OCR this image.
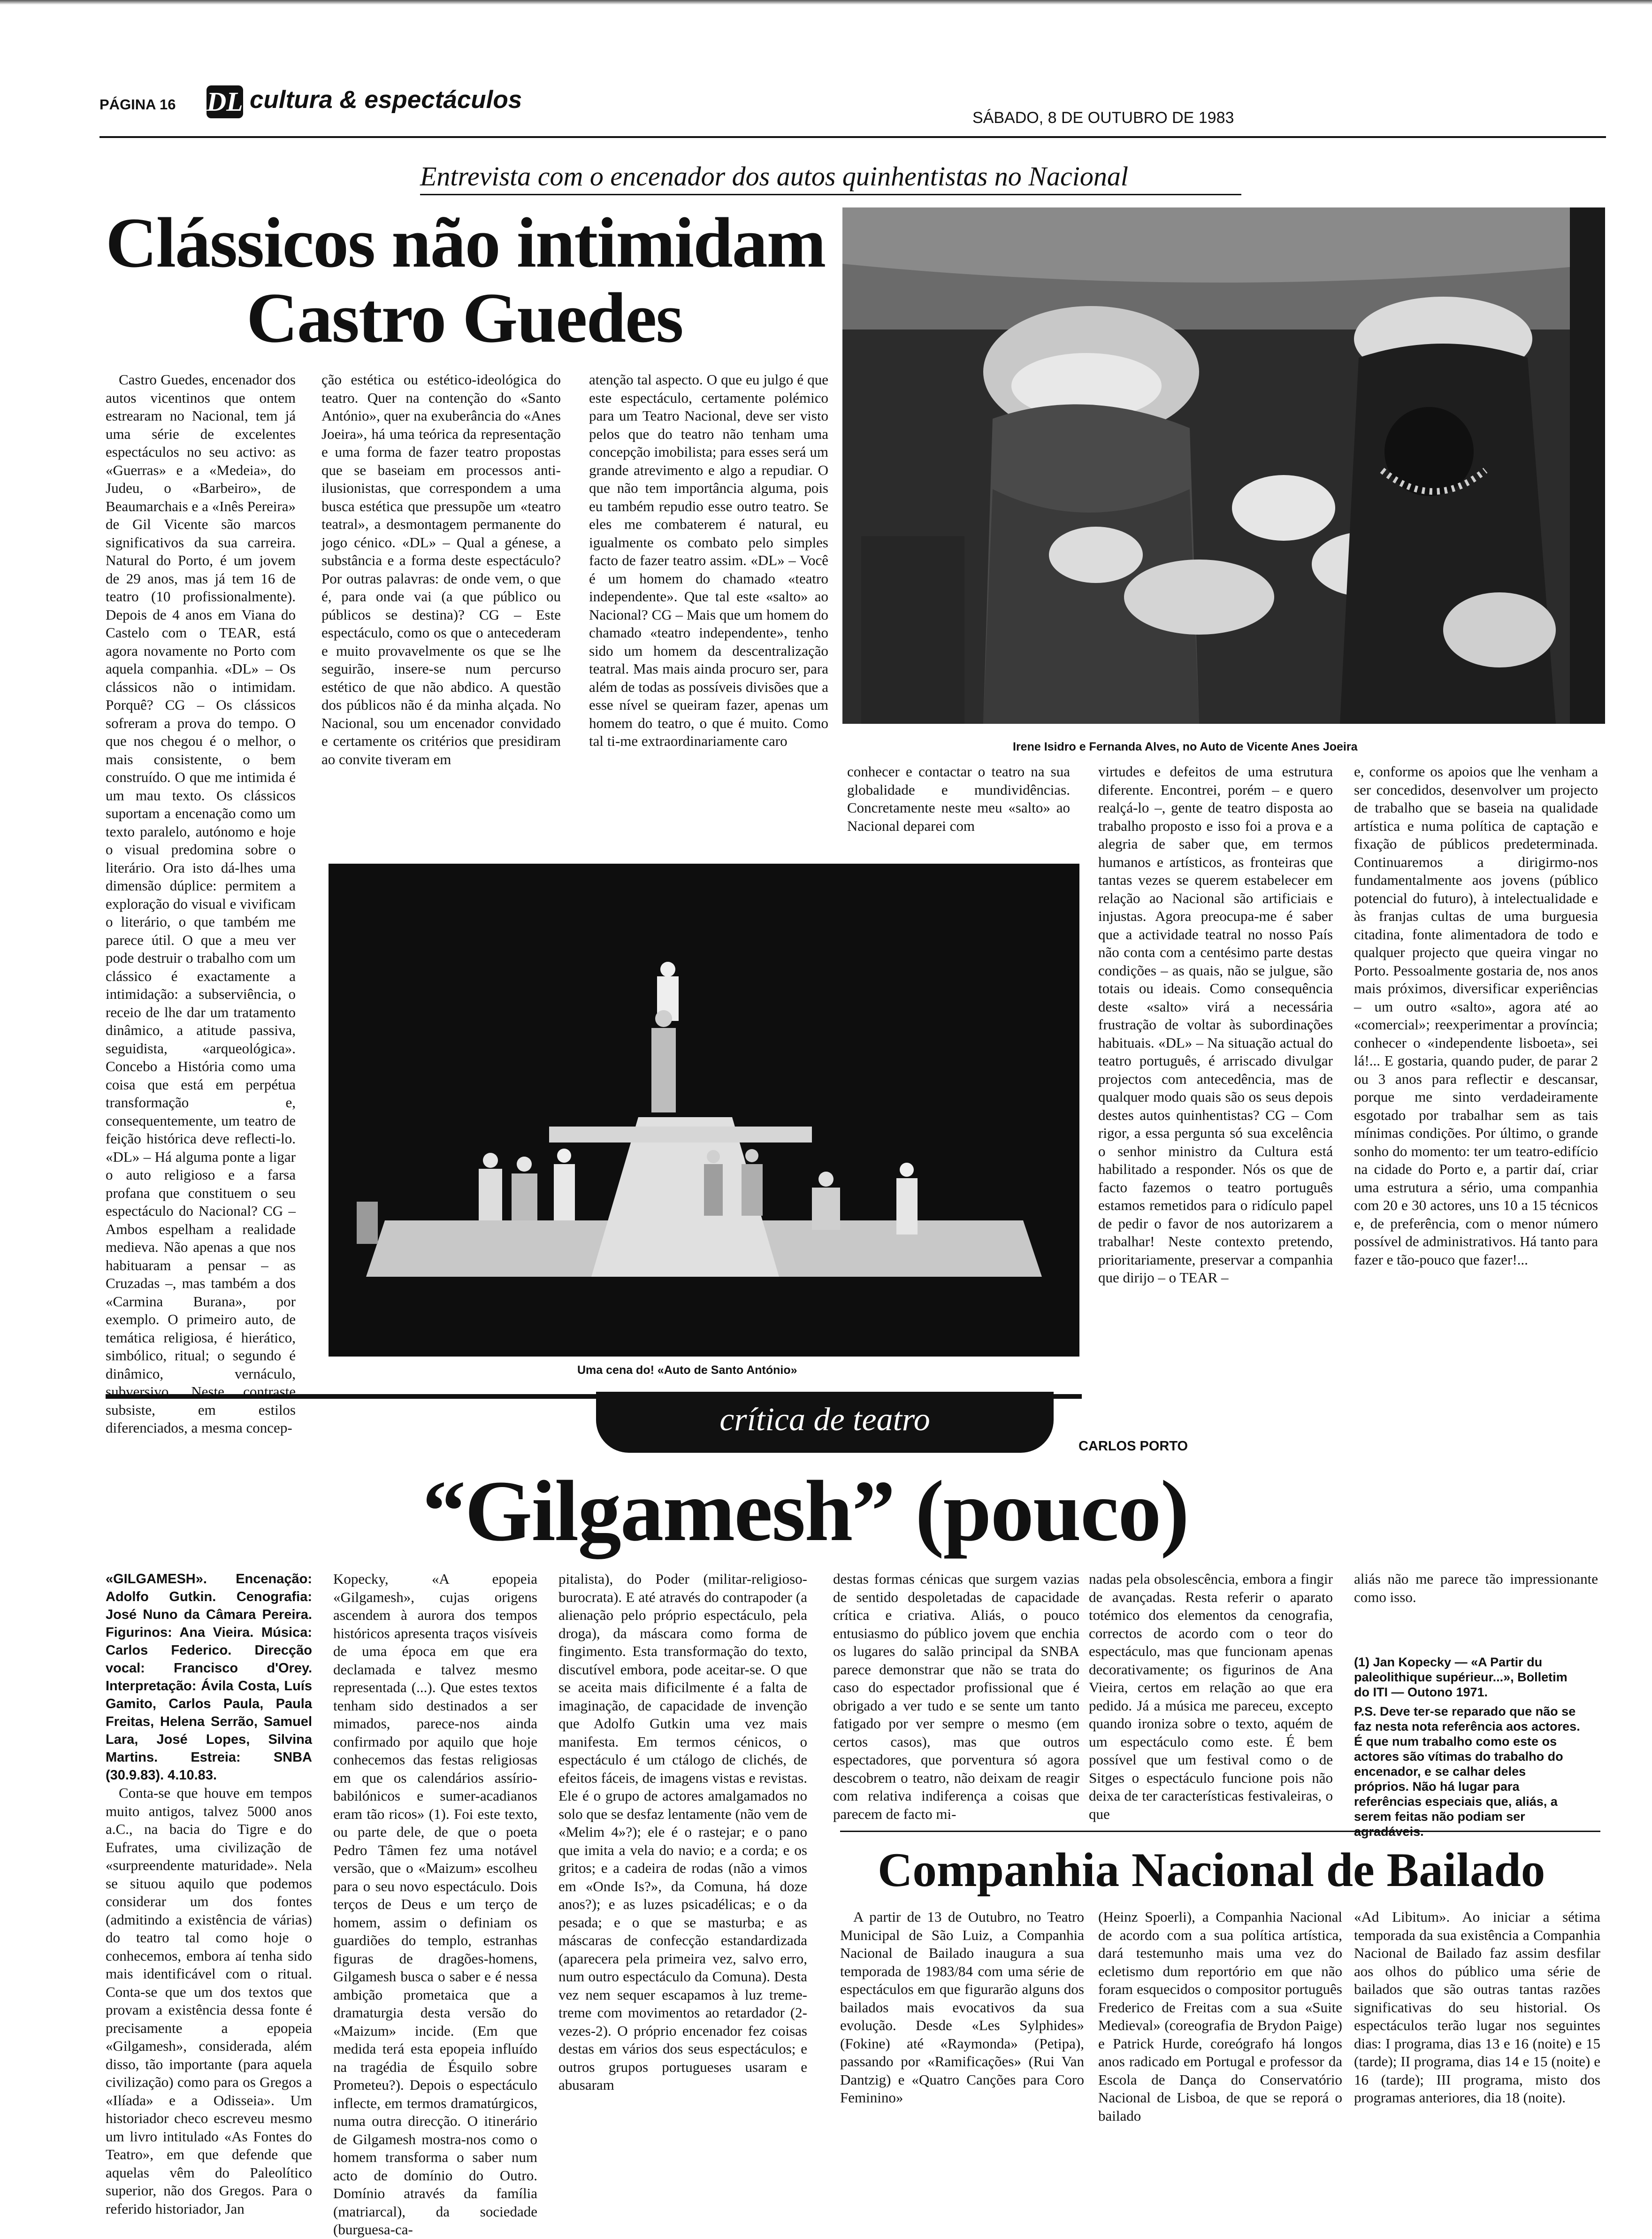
PÁGINA 16 DL cultura & espectáculos
SÁBADO, 8 DE OUTUBRO DE 1983
Entrevista com o encenador dos autos quinhentistas no Nacional
Clássicos não intimidam
Castro Guedes
Irene Isidro e Fernanda Alves, no Auto de Vicente Anes Joeira

Castro Guedes, encenador dos autos vicentinos que ontem estrearam no Nacional, tem já uma série de excelentes espectáculos no seu activo: as «Guerras» e a «Medeia», do Judeu, o «Barbeiro», de Beaumarchais e a «Inês Pereira» de Gil Vicente são marcos significativos da sua carreira. Natural do Porto, é um jovem de 29 anos, mas já tem 16 de teatro (10 profissionalmente). Depois de 4 anos em Viana do Castelo com o TEAR, está agora novamente no Porto com aquela companhia. «DL» – Os clássicos não o intimidam. Porquê? CG – Os clássicos sofreram a prova do tempo. O que nos chegou é o melhor, o mais consistente, o bem construído. O que me intimida é um mau texto. Os clássicos suportam a encenação como um texto paralelo, autónomo e hoje o visual predomina sobre o literário. Ora isto dá-lhes uma dimensão dúplice: permitem a exploração do visual e vivificam o literário, o que também me parece útil. O que a meu ver pode destruir o trabalho com um clássico é exactamente a intimidação: a subserviência, o receio de lhe dar um tratamento dinâmico, a atitude passiva, seguidista, «arqueológica». Concebo a História como uma coisa que está em perpétua transformação e, consequentemente, um teatro de feição histórica deve reflecti-lo. «DL» – Há alguma ponte a ligar o auto religioso e a farsa profana que constituem o seu espectáculo do Nacional? CG – Ambos espelham a realidade medieva. Não apenas a que nos habituaram a pensar – as Cruzadas –, mas também a dos «Carmina Burana», por exemplo. O primeiro auto, de temática religiosa, é hierático, simbólico, ritual; o segundo é dinâmico, vernáculo, subversivo. Neste contraste subsiste, em estilos diferenciados, a mesma concep-

ção estética ou estético-ideológica do teatro. Quer na contenção do «Santo António», quer na exuberância do «Anes Joeira», há uma teórica da representação e uma forma de fazer teatro propostas que se baseiam em processos anti-ilusionistas, que correspondem a uma busca estética que pressupõe um «teatro teatral», a desmontagem permanente do jogo cénico. «DL» – Qual a génese, a substância e a forma deste espectáculo? Por outras palavras: de onde vem, o que é, para onde vai (a que público ou públicos se destina)? CG – Este espectáculo, como os que o antecederam e muito provavelmente os que se lhe seguirão, insere-se num percurso estético de que não abdico. A questão dos públicos não é da minha alçada. No Nacional, sou um encenador convidado e certamente os critérios que presidiram ao convite tiveram em

atenção tal aspecto. O que eu julgo é que este espectáculo, certamente polémico para um Teatro Nacional, deve ser visto pelos que do teatro não tenham uma concepção imobilista; para esses será um grande atrevimento e algo a repudiar. O que não tem importância alguma, pois eu também repudio esse outro teatro. Se eles me combaterem é natural, eu igualmente os combato pelo simples facto de fazer teatro assim. «DL» – Você é um homem do chamado «teatro independente». Que tal este «salto» ao Nacional? CG – Mais que um homem do chamado «teatro independente», tenho sido um homem da descentralização teatral. Mas mais ainda procuro ser, para além de todas as possíveis divisões que a esse nível se queiram fazer, apenas um homem do teatro, o que é muito. Como tal ti-me extraordinariamente caro

conhecer e contactar o teatro na sua globalidade e mundividências. Concretamente neste meu «salto» ao Nacional deparei com

virtudes e defeitos de uma estrutura diferente. Encontrei, porém – e quero realçá-lo –, gente de teatro disposta ao trabalho proposto e isso foi a prova e a alegria de saber que, em termos humanos e artísticos, as fronteiras que tantas vezes se querem estabelecer em relação ao Nacional são artificiais e injustas. Agora preocupa-me é saber que a actividade teatral no nosso País não conta com a centésimo parte destas condições – as quais, não se julgue, são totais ou ideais. Como consequência deste «salto» virá a necessária frustração de voltar às subordinações habituais. «DL» – Na situação actual do teatro português, é arriscado divulgar projectos com antecedência, mas de qualquer modo quais são os seus depois destes autos quinhentistas? CG – Com rigor, a essa pergunta só sua excelência o senhor ministro da Cultura está habilitado a responder. Nós os que de facto fazemos o teatro português estamos remetidos para o ridículo papel de pedir o favor de nos autorizarem a trabalhar! Neste contexto pretendo, prioritariamente, preservar a companhia que dirijo – o TEAR –

e, conforme os apoios que lhe venham a ser concedidos, desenvolver um projecto de trabalho que se baseia na qualidade artística e numa política de captação e fixação de públicos predeterminada. Continuaremos a dirigirmo-nos fundamentalmente aos jovens (público potencial do futuro), à intelectualidade e às franjas cultas de uma burguesia citadina, fonte alimentadora de todo e qualquer projecto que queira vingar no Porto. Pessoalmente gostaria de, nos anos mais próximos, diversificar experiências – um outro «salto», agora até ao «comercial»; reexperimentar a província; conhecer o «independente lisboeta», sei lá!... E gostaria, quando puder, de parar 2 ou 3 anos para reflectir e descansar, porque me sinto verdadeiramente esgotado por trabalhar sem as tais mínimas condições. Por último, o grande sonho do momento: ter um teatro-edifício na cidade do Porto e, a partir daí, criar uma estrutura a sério, uma companhia com 20 e 30 actores, uns 10 a 15 técnicos e, de preferência, com o menor número possível de administrativos. Há tanto para fazer e tão-pouco que fazer!...

Uma cena do! «Auto de Santo António»
crítica de teatro
CARLOS PORTO
“Gilgamesh” (pouco)

«GILGAMESH». Encenação: Adolfo Gutkin. Cenografia: José Nuno da Câmara Pereira. Figurinos: Ana Vieira. Música: Carlos Federico. Direcção vocal: Francisco d'Orey. Interpretação: Ávila Costa, Luís Gamito, Carlos Paula, Paula Freitas, Helena Serrão, Samuel Lara, José Lopes, Silvina Martins. Estreia: SNBA (30.9.83). 4.10.83.

Conta-se que houve em tempos muito antigos, talvez 5000 anos a.C., na bacia do Tigre e do Eufrates, uma civilização de «surpreendente maturidade». Nela se situou aquilo que podemos considerar um dos fontes (admitindo a existência de várias) do teatro tal como hoje o conhecemos, embora aí tenha sido mais identificável com o ritual. Conta-se que um dos textos que provam a existência dessa fonte é precisamente a epopeia «Gilgamesh», considerada, além disso, tão importante (para aquela civilização) como para os Gregos a «Ilíada» e a Odisseia». Um historiador checo escreveu mesmo um livro intitulado «As Fontes do Teatro», em que defende que aquelas vêm do Paleolítico superior, não dos Gregos. Para o referido historiador, Jan

Kopecky, «A epopeia «Gilgamesh», cujas origens ascendem à aurora dos tempos históricos apresenta traços visíveis de uma época em que era declamada e talvez mesmo representada (...). Que estes textos tenham sido destinados a ser mimados, parece-nos ainda confirmado por aquilo que hoje conhecemos das festas religiosas em que os calendários assírio-babilónicos e sumer-acadianos eram tão ricos» (1). Foi este texto, ou parte dele, de que o poeta Pedro Tâmen fez uma notável versão, que o «Maizum» escolheu para o seu novo espectáculo. Dois terços de Deus e um terço de homem, assim o definiam os guardiões do templo, estranhas figuras de dragões-homens, Gilgamesh busca o saber e é nessa ambição prometaica que a dramaturgia desta versão do «Maizum» incide. (Em que medida terá esta epopeia influído na tragédia de Ésquilo sobre Prometeu?). Depois o espectáculo inflecte, em termos dramatúrgicos, numa outra direcção. O itinerário de Gilgamesh mostra-nos como o homem transforma o saber num acto de domínio do Outro. Domínio através da família (matriarcal), da sociedade (burguesa-ca-

pitalista), do Poder (militar-religioso-burocrata). E até através do contrapoder (a alienação pelo próprio espectáculo, pela droga), da máscara como forma de fingimento. Esta transformação do texto, discutível embora, pode aceitar-se. O que se aceita mais dificilmente é a falta de imaginação, de capacidade de invenção que Adolfo Gutkin uma vez mais manifesta. Em termos cénicos, o espectáculo é um ctálogo de clichés, de efeitos fáceis, de imagens vistas e revistas. Ele é o grupo de actores amalgamados no solo que se desfaz lentamente (não vem de «Melim 4»?); ele é o rastejar; e o pano que imita a vela do navio; e a corda; e os gritos; e a cadeira de rodas (não a vimos em «Onde Is?», da Comuna, há doze anos?); e as luzes psicadélicas; e o da pesada; e o que se masturba; e as máscaras de confecção estandardizada (aparecera pela primeira vez, salvo erro, num outro espectáculo da Comuna). Desta vez nem sequer escapamos à luz treme-treme com movimentos ao retardador (2-vezes-2). O próprio encenador fez coisas destas em vários dos seus espectáculos; e outros grupos portugueses usaram e abusaram

destas formas cénicas que surgem vazias de sentido despoletadas de capacidade crítica e criativa. Aliás, o pouco entusiasmo do público jovem que enchia os lugares do salão principal da SNBA parece demonstrar que não se trata do caso do espectador profissional que é obrigado a ver tudo e se sente um tanto fatigado por ver sempre o mesmo (em certos casos), mas que outros espectadores, que porventura só agora descobrem o teatro, não deixam de reagir com relativa indiferença a coisas que parecem de facto mi-

nadas pela obsolescência, embora a fingir de avançadas. Resta referir o aparato totémico dos elementos da cenografia, correctos de acordo com o teor do espectáculo, mas que funcionam apenas decorativamente; os figurinos de Ana Vieira, certos em relação ao que era pedido. Já a música me pareceu, excepto quando ironiza sobre o texto, aquém de um espectáculo como este. É bem possível que um festival como o de Sitges o espectáculo funcione pois não deixa de ter características festivaleiras, o que

aliás não me parece tão impressionante como isso.

(1) Jan Kopecky — «A Partir du paleolithique supérieur...», Bolletim do ITI — Outono 1971.
P.S. Deve ter-se reparado que não se faz nesta nota referência aos actores. É que num trabalho como este os actores são vítimas do trabalho do encenador, e se calhar deles próprios. Não há lugar para referências especiais que, aliás, a serem feitas não podiam ser agradáveis.
Companhia Nacional de Bailado

A partir de 13 de Outubro, no Teatro Municipal de São Luiz, a Companhia Nacional de Bailado inaugura a sua temporada de 1983/84 com uma série de espectáculos em que figurarão alguns dos bailados mais evocativos da sua evolução. Desde «Les Sylphides» (Fokine) até «Raymonda» (Petipa), passando por «Ramificações» (Rui Van Dantzig) e «Quatro Canções para Coro Feminino»

(Heinz Spoerli), a Companhia Nacional de acordo com a sua política artística, dará testemunho mais uma vez do ecletismo dum reportório em que não foram esquecidos o compositor português Frederico de Freitas com a sua «Suite Medieval» (coreografia de Brydon Paige) e Patrick Hurde, coreógrafo há longos anos radicado em Portugal e professor da Escola de Dança do Conservatório Nacional de Lisboa, de que se reporá o bailado

«Ad Libitum». Ao iniciar a sétima temporada da sua existência a Companhia Nacional de Bailado faz assim desfilar aos olhos do público uma série de bailados que são outras tantas razões significativas do seu historial. Os espectáculos terão lugar nos seguintes dias: I programa, dias 13 e 16 (noite) e 15 (tarde); II programa, dias 14 e 15 (noite) e 16 (tarde); III programa, misto dos programas anteriores, dia 18 (noite).
